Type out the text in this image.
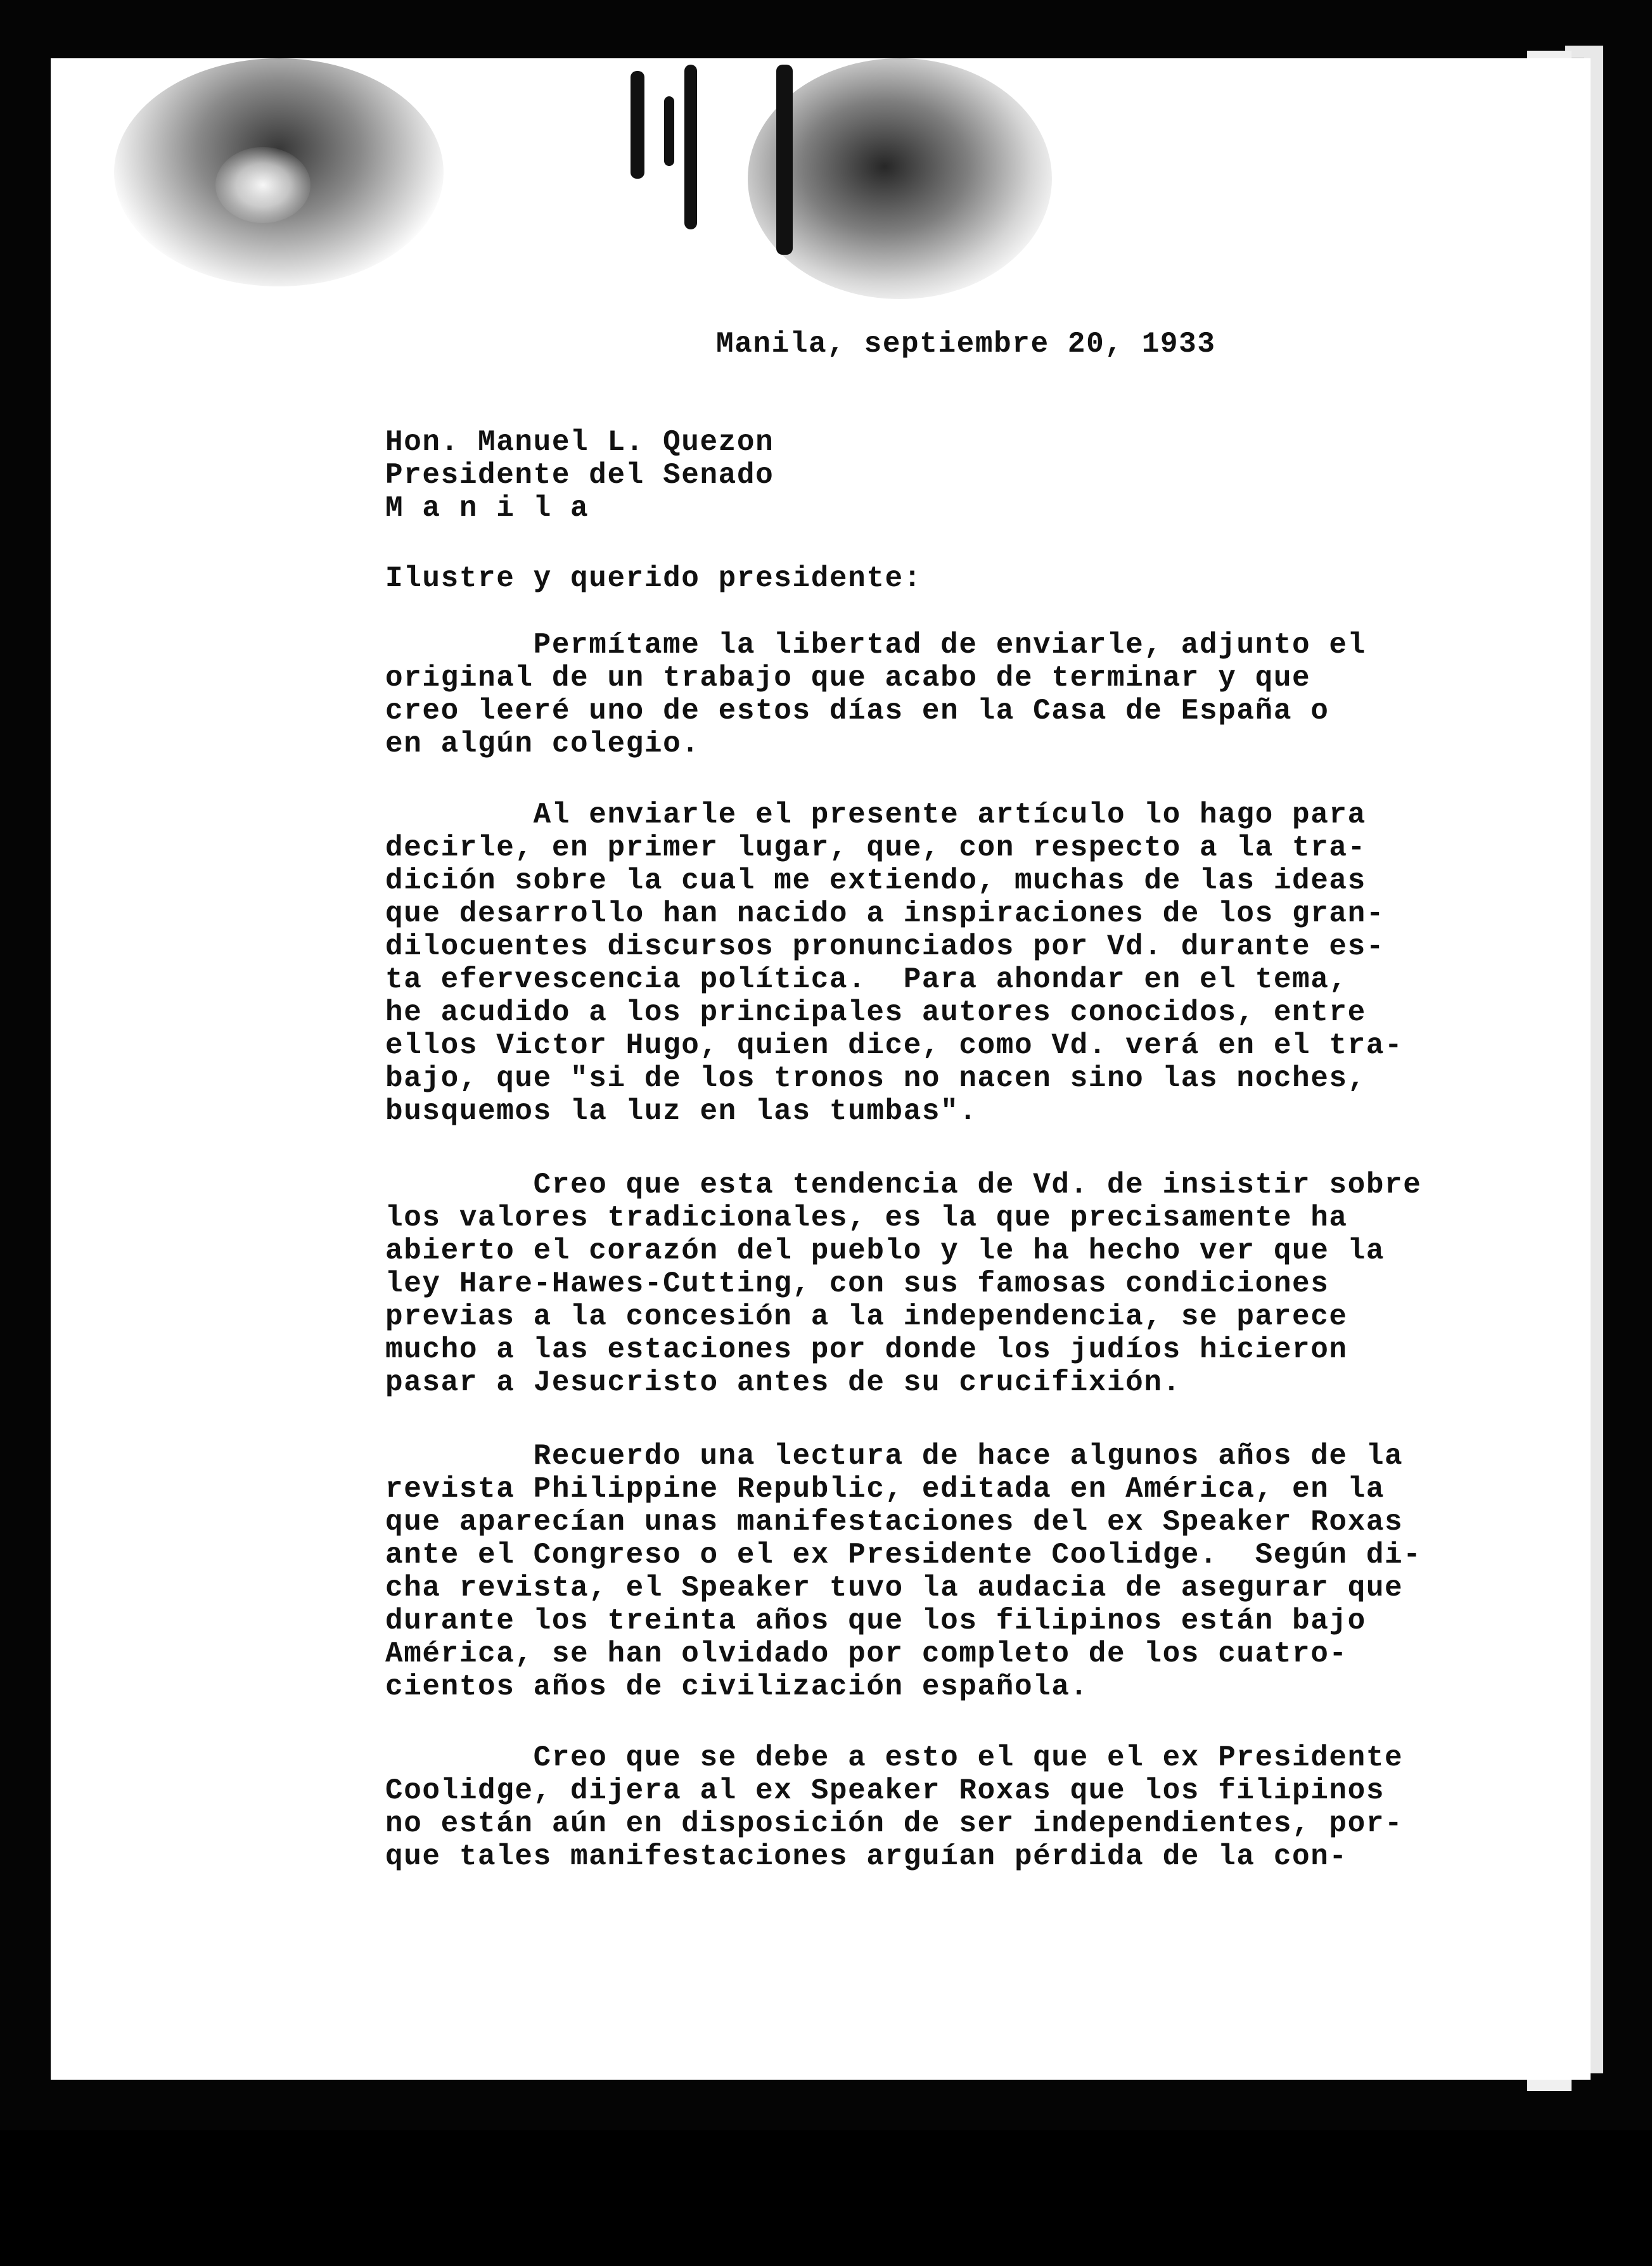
Manila, septiembre 20, 1933

Hon. Manuel L. Quezon

Presidente del Senado

M a n i l a

Ilustre y querido presidente:

Permítame la libertad de enviarle, adjunto el

original de un trabajo que acabo de terminar y que

creo leeré uno de estos días en la Casa de España o

en algún colegio.

Al enviarle el presente artículo lo hago para

decirle, en primer lugar, que, con respecto a la tra-

dición sobre la cual me extiendo, muchas de las ideas

que desarrollo han nacido a inspiraciones de los gran-

dilocuentes discursos pronunciados por Vd. durante es-

ta efervescencia política.  Para ahondar en el tema,

he acudido a los principales autores conocidos, entre

ellos Victor Hugo, quien dice, como Vd. verá en el tra-

bajo, que "si de los tronos no nacen sino las noches,

busquemos la luz en las tumbas".

Creo que esta tendencia de Vd. de insistir sobre

los valores tradicionales, es la que precisamente ha

abierto el corazón del pueblo y le ha hecho ver que la

ley Hare-Hawes-Cutting, con sus famosas condiciones

previas a la concesión a la independencia, se parece

mucho a las estaciones por donde los judíos hicieron

pasar a Jesucristo antes de su crucifixión.

Recuerdo una lectura de hace algunos años de la

revista Philippine Republic, editada en América, en la

que aparecían unas manifestaciones del ex Speaker Roxas

ante el Congreso o el ex Presidente Coolidge.  Según di-

cha revista, el Speaker tuvo la audacia de asegurar que

durante los treinta años que los filipinos están bajo

América, se han olvidado por completo de los cuatro-

cientos años de civilización española.

Creo que se debe a esto el que el ex Presidente

Coolidge, dijera al ex Speaker Roxas que los filipinos

no están aún en disposición de ser independientes, por-

que tales manifestaciones arguían pérdida de la con-
